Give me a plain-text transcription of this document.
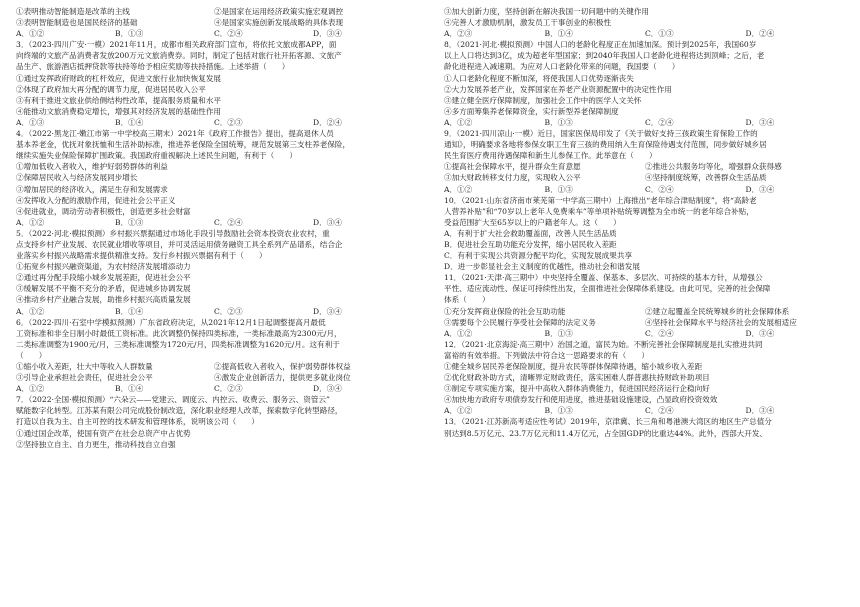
①表明推动智能制造是改革的主线	②是国家在运用经济政策实施宏观调控
③表明智能制造也是国民经济的基础	④是国家实施创新发展战略的具体表现
A．①②	B．①③	C．②④	D．③④

3．（2023·四川广安·一模）2021年11月，成都市相关政府部门宣布，将依托文旅成都APP，面

向终端的文旅产品消费者发放200万元文旅消费券。同时，制定了包括对旅行社开拓客源、文旅产

品生产、旅游酒店抵押贷款等扶持等给予相应奖励等扶持措施。上述举措（　　）

①通过发挥政府财政的杠杆效应，促进文旅行业加快恢复发展

②体现了政府加大再分配的调节力度，促进居民收入公平

③有利于推进文旅业供给侧结构性改革，提高服务质量和水平

④能推动文旅消费稳定增长，增强其对经济发展的基础性作用

A．①③	B．①④	C．②③	D．②④

4．（2022·黑龙江·嫩江市第一中学校高三期末）2021年《政府工作报告》提出，提高退休人员

基本养老金，优抚对象抚恤和生活补助标准，推进养老保险全国统筹，规范发展第三支柱养老保险，

继续实施失业保险保障扩围政策。我国政府重视解决上述民生问题，有利于（　　）

①增加低收入者收入，维护好弱势群体的利益

②保障居民收入与经济发展同步增长

③增加居民的经济收入，满足生存和发展需求

④发挥收入分配的激励作用，促进社会公平正义

④促进就业，调动劳动者积极性，创造更多社会财富

A．①②	B．①③	C．②④	D．③④

5．（2022·河北·模拟预测）乡村振兴票据通过市场化手段引导鼓励社会资本投资农业农村，重

点支持乡村产业发展、农民就业增收等项目，并可灵活运用债务融资工具全系列产品谱系，结合企

业落实乡村振兴战略需求提供精准支持。发行乡村振兴票据有利于（　　）

①拓宽乡村振兴融资渠道，为农村经济发展增添动力

②通过再分配手段缩小城乡发展差距，促进社会公平

③缓解发展不平衡不充分的矛盾，促进城乡协调发展

④推动乡村产业融合发展，助推乡村振兴高质量发展

A．①②	B．①④	C．②③	D．③④

6．（2022·四川·石室中学模拟预测）广东省政府决定，从2021年12月1日起调整提高月最低

工资标准和非全日制小时最低工资标准。此次调整仍保持四类标准，一类标准最高为2300元/月，

二类标准调整为1900元/月，三类标准调整为1720元/月，四类标准调整为1620元/月。这有利于

（　　）

①缩小收入差距，壮大中等收入人群数量	②提高低收入者收入，保护弱势群体权益
③引导企业承担社会责任，促进社会公平	④激发企业创新活力，提供更多就业岗位
A．①②	B．①④	C．②③	D．③④

7．（2022·全国·模拟预测）“六朵云——党建云、调度云、内控云、收费云、服务云、资管云”

赋能数字化转型。江苏某有限公司完成股份制改造，深化职业经理人改革，探索数字化转型路径，

打造以自我为主、自主可控的技术研发和管理体系，说明该公司（　　）

①通过国企改革，使国有资产在社会总资产中占优势

②坚持独立自主、自力更生，推动科技自立自强

③加大创新力度，坚持创新在解决我国一切问题中的关键作用

④完善人才激励机制，激发员工干事创业的积极性

A．②③	B．①④	C．①③	D．②④

8．（2021·河北·模拟预测）中国人口的老龄化程度正在加速加深。预计到2025年，我国60岁

以上人口将达到3亿，成为超老年型国家；到2040年我国人口老龄化进程将达到顶峰；之后，老

龄化进程进入减速期。为应对人口老龄化带来的问题，我国要（　　）

①人口老龄化程度不断加深，将使我国人口优势逐渐丧失

②大力发展养老产业，发挥国家在养老产业资源配置中的决定性作用

③建立健全医疗保障制度，加强社会工作中的医学人文关怀

④多方面筹集养老保障资金，实行新型养老保障制度

A．①②	B．①③	C．②④	D．③④

9．（2021·四川凉山·一模）近日，国家医保局印发了《关于做好支持三孩政策生育保险工作的

通知》，明确要求各地将参保女职工生育三孩的费用纳入生育保险待遇支付范围，同步做好城乡居

民生育医疗费用待遇保障和新生儿参保工作。此举意在（　　）

①提高社会保障水平，提升群众生育意愿	②推进公共服务均等化，增强群众获得感
③加大财政转移支付力度，实现收入公平	④坚持制度统筹，改善群众生活品质
A．①②	B．①③	C．②④	D．③④

10．（2021·山东省济南市莱芜第一中学高三期中）上海推出“老年综合津贴制度”，将“高龄老

人营养补贴”和“70岁以上老年人免费乘车”等单项补贴统筹调整为全市统一的老年综合补贴，

受益范围扩大至65岁以上的户籍老年人。这（　　）

A．有利于扩大社会救助覆盖面，改善人民生活品质

B．促进社会互助功能充分发挥，缩小居民收入差距

C．有利于实现公共资源分配平均化，实现发展成果共享

D．进一步彰显社会主义制度的优越性，推动社会和谐发展

11．（2021·天津·高三期中）中央坚持全覆盖、保基本、多层次、可持续的基本方针，从增强公

平性、适应流动性、保证可持续性出发，全面推进社会保障体系建设。由此可见，完善的社会保障

体系（　　）

①充分发挥商业保险的社会互助功能	②建立起覆盖全民统筹城乡的社会保障体系
③需要每个公民履行享受社会保障的法定义务	④坚持社会保障水平与经济社会的发展相适应
A．①②	B．①③	C．②④	D．③④

12．（2021·北京海淀·高三期中）治国之道，富民为始。不断完善社会保障制度是扎实推进共同

富裕的有效举措。下列做法中符合这一思路要求的有（　　）

①健全城乡居民养老保险制度，提升农民等群体保障待遇，缩小城乡收入差距

②优化财政补助方式，清晰界定财政责任，落实困难人群普惠扶持财政补助项目

③制定专项实施方案，提升中高收入群体消费能力，促进国民经济运行企稳向好

④加快地方政府专项债券发行和使用进度，推进基础设施建设，凸显政府投资效效

A．①②	B．①③	C．②④	D．③④

13．（2021·江苏新高考适应性考试）2019年，京津冀、长三角和粤港澳大湾区的地区生产总值分

别达到8.5万亿元、23.7万亿元和11.4万亿元，占全国GDP的比重达44%。此外，西部大开发、
